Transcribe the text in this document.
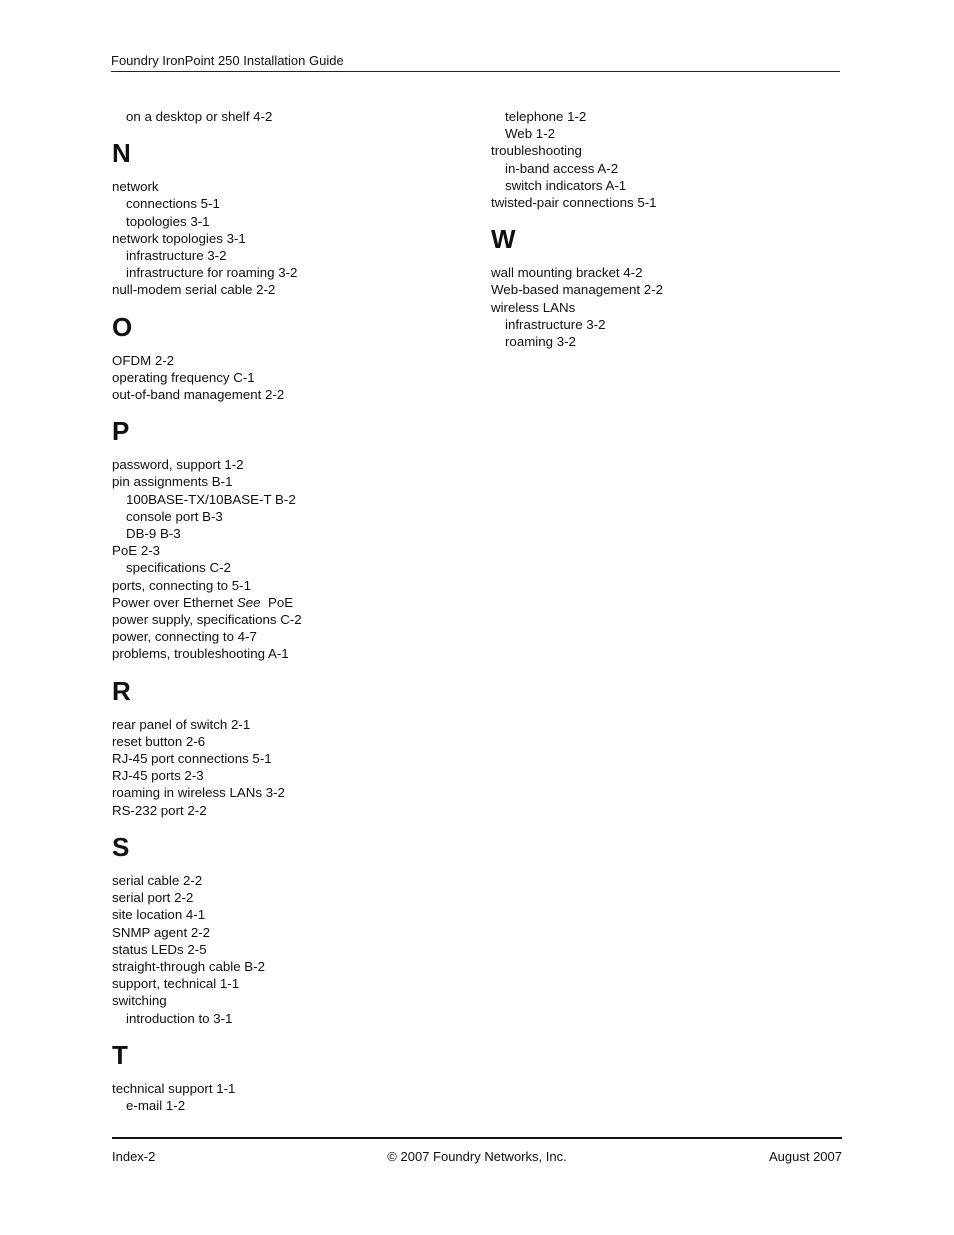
Foundry IronPoint 250 Installation Guide
on a desktop or shelf 4-2
N
network
connections 5-1
topologies 3-1
network topologies 3-1
infrastructure 3-2
infrastructure for roaming 3-2
null-modem serial cable 2-2
O
OFDM 2-2
operating frequency C-1
out-of-band management 2-2
P
password, support 1-2
pin assignments B-1
100BASE-TX/10BASE-T B-2
console port B-3
DB-9 B-3
PoE 2-3
specifications C-2
ports, connecting to 5-1
Power over Ethernet See  PoE
power supply, specifications C-2
power, connecting to 4-7
problems, troubleshooting A-1
R
rear panel of switch 2-1
reset button 2-6
RJ-45 port connections 5-1
RJ-45 ports 2-3
roaming in wireless LANs 3-2
RS-232 port 2-2
S
serial cable 2-2
serial port 2-2
site location 4-1
SNMP agent 2-2
status LEDs 2-5
straight-through cable B-2
support, technical 1-1
switching
introduction to 3-1
T
technical support 1-1
e-mail 1-2
telephone 1-2
Web 1-2
troubleshooting
in-band access A-2
switch indicators A-1
twisted-pair connections 5-1
W
wall mounting bracket 4-2
Web-based management 2-2
wireless LANs
infrastructure 3-2
roaming 3-2
Index-2	© 2007 Foundry Networks, Inc.	August 2007
